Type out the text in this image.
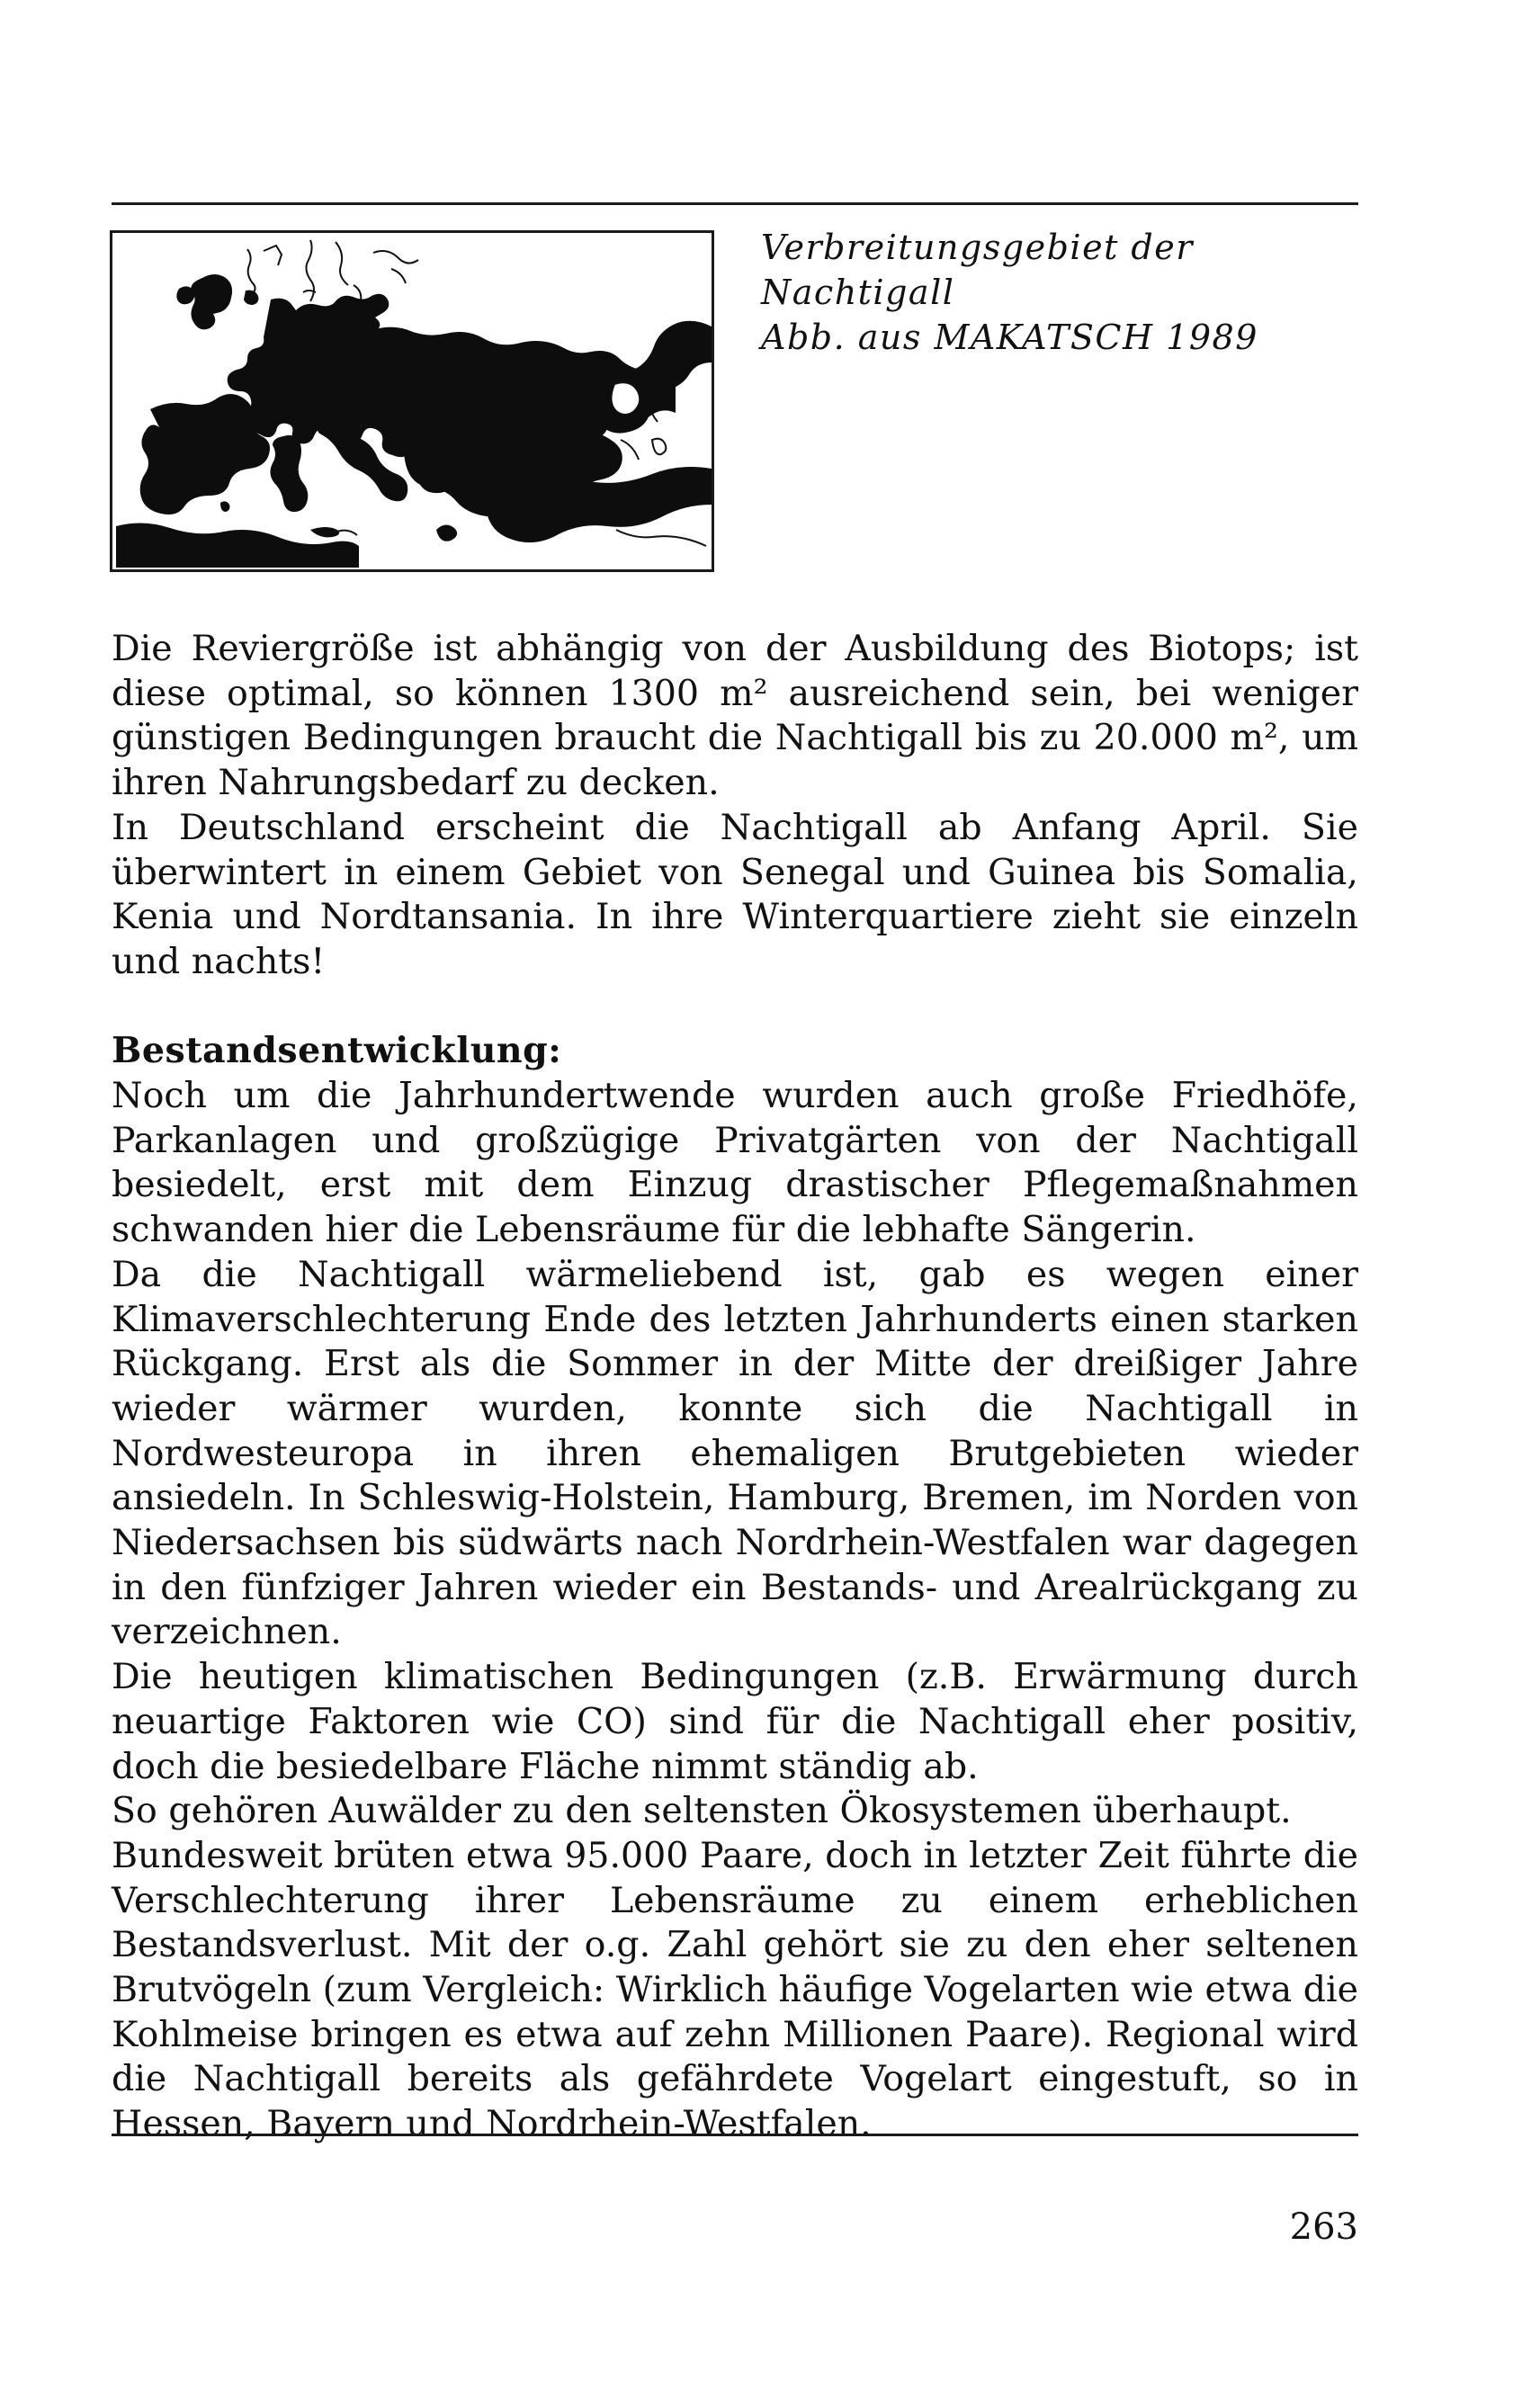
Verbreitungsgebiet der
Nachtigall
Abb. aus MAKATSCH 1989

Die Reviergröße ist abhängig von der Ausbildung des Biotops; ist diese optimal, so können 1300 m² ausreichend sein, bei weniger günstigen Bedingungen braucht die Nachtigall bis zu 20.000 m², um ihren Nahrungsbedarf zu decken.

In Deutschland erscheint die Nachtigall ab Anfang April. Sie überwintert in einem Gebiet von Senegal und Guinea bis Somalia, Kenia und Nordtansania. In ihre Winterquartiere zieht sie einzeln und nachts!

Bestandsentwicklung:

Noch um die Jahrhundertwende wurden auch große Friedhöfe, Parkanlagen und großzügige Privatgärten von der Nachtigall besiedelt, erst mit dem Einzug drastischer Pflegemaßnahmen schwanden hier die Lebensräume für die lebhafte Sängerin.

Da die Nachtigall wärmeliebend ist, gab es wegen einer Klimaverschlechterung Ende des letzten Jahrhunderts einen starken Rückgang. Erst als die Sommer in der Mitte der dreißiger Jahre wieder wärmer wurden, konnte sich die Nachtigall in Nordwesteuropa in ihren ehemaligen Brutgebieten wieder ansiedeln. In Schleswig-Holstein, Hamburg, Bremen, im Norden von Niedersachsen bis südwärts nach Nordrhein-Westfalen war dagegen in den fünfziger Jahren wieder ein Bestands- und Arealrückgang zu verzeichnen.

Die heutigen klimatischen Bedingungen (z.B. Erwärmung durch neuartige Faktoren wie CO) sind für die Nachtigall eher positiv, doch die besiedelbare Fläche nimmt ständig ab.

So gehören Auwälder zu den seltensten Ökosystemen überhaupt.

Bundesweit brüten etwa 95.000 Paare, doch in letzter Zeit führte die Verschlechterung ihrer Lebensräume zu einem erheblichen Bestandsverlust. Mit der o.g. Zahl gehört sie zu den eher seltenen Brutvögeln (zum Vergleich: Wirklich häufige Vogelarten wie etwa die Kohlmeise bringen es etwa auf zehn Millionen Paare). Regional wird die Nachtigall bereits als gefährdete Vogelart eingestuft, so in Hessen, Bayern und Nordrhein-Westfalen.

263
